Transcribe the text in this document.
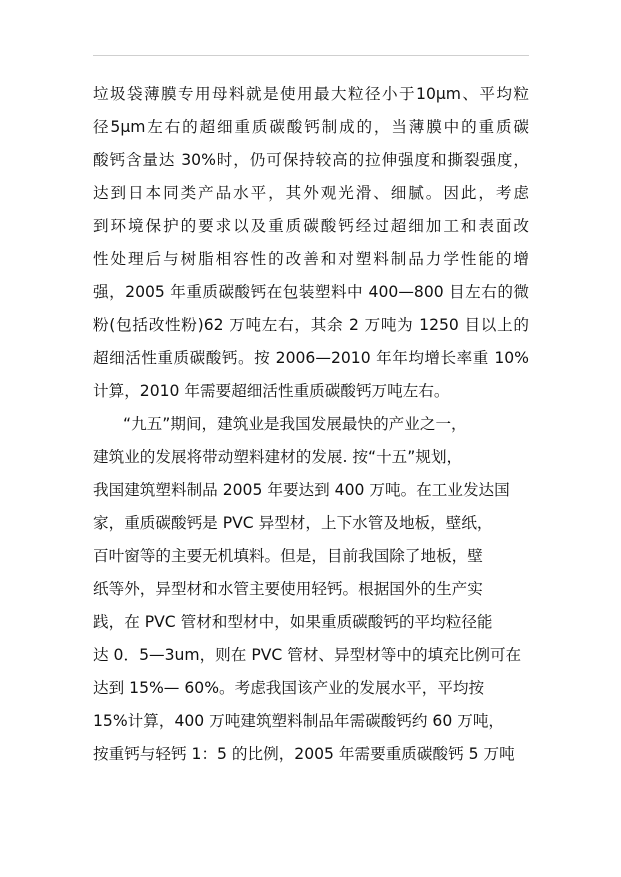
垃圾袋薄膜专用母料就是使用最大粒径小于10μm、平均粒
径5μm左右的超细重质碳酸钙制成的，当薄膜中的重质碳
酸钙含量达 30%时，仍可保持较高的拉伸强度和撕裂强度，
达到日本同类产品水平，其外观光滑、细腻。因此，考虑
到环境保护的要求以及重质碳酸钙经过超细加工和表面改
性处理后与树脂相容性的改善和对塑料制品力学性能的增
强，2005 年重质碳酸钙在包装塑料中 400—800 目左右的微
粉(包括改性粉)62 万吨左右，其余 2 万吨为 1250 目以上的
超细活性重质碳酸钙。按 2006—2010 年年均增长率重 10%
计算，2010 年需要超细活性重质碳酸钙万吨左右。
“九五”期间，建筑业是我国发展最快的产业之一，
建筑业的发展将带动塑料建材的发展. 按“十五”规划，
我国建筑塑料制品 2005 年要达到 400 万吨。在工业发达国
家，重质碳酸钙是 PVC 异型材，上下水管及地板，壁纸，
百叶窗等的主要无机填料。但是，目前我国除了地板，壁
纸等外，异型材和水管主要使用轻钙。根据国外的生产实
践，在 PVC 管材和型材中，如果重质碳酸钙的平均粒径能
达 0．5—3um，则在 PVC 管材、异型材等中的填充比例可在
达到 15%— 60%。考虑我国该产业的发展水平，平均按
15%计算，400 万吨建筑塑料制品年需碳酸钙约 60 万吨，
按重钙与轻钙 1：5 的比例，2005 年需要重质碳酸钙 5 万吨
